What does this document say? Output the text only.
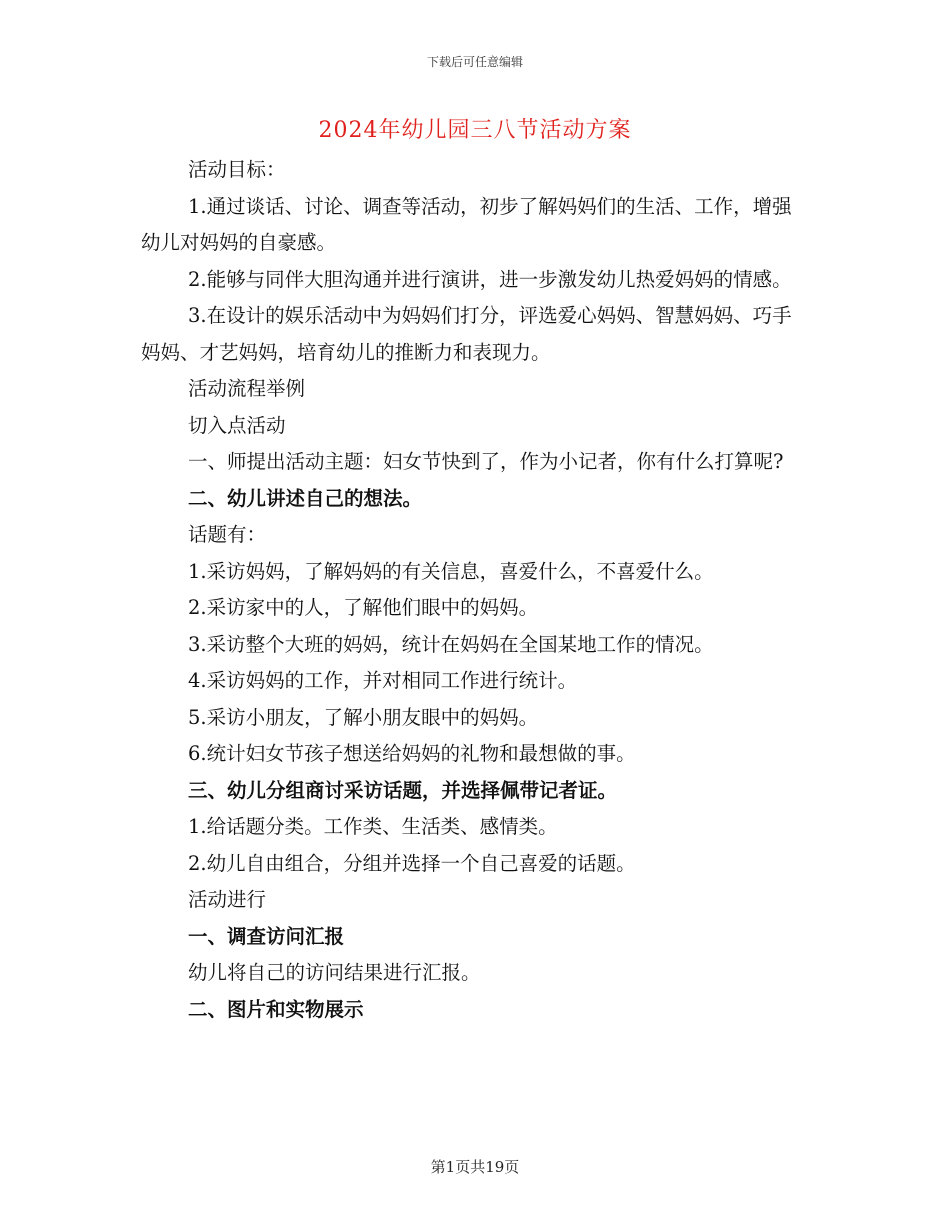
下载后可任意编辑
2024年幼儿园三八节活动方案

活动目标：

1.通过谈话、讨论、调查等活动，初步了解妈妈们的生活、工作，增强幼儿对妈妈的自豪感。

2.能够与同伴大胆沟通并进行演讲，进一步激发幼儿热爱妈妈的情感。

3.在设计的娱乐活动中为妈妈们打分，评选爱心妈妈、智慧妈妈、巧手妈妈、才艺妈妈，培育幼儿的推断力和表现力。

活动流程举例

切入点活动

一、师提出活动主题：妇女节快到了，作为小记者，你有什么打算呢?

二、幼儿讲述自己的想法。

话题有：

1.采访妈妈，了解妈妈的有关信息，喜爱什么，不喜爱什么。

2.采访家中的人，了解他们眼中的妈妈。

3.采访整个大班的妈妈，统计在妈妈在全国某地工作的情况。

4.采访妈妈的工作，并对相同工作进行统计。

5.采访小朋友，了解小朋友眼中的妈妈。

6.统计妇女节孩子想送给妈妈的礼物和最想做的事。

三、幼儿分组商讨采访话题，并选择佩带记者证。

1.给话题分类。工作类、生活类、感情类。

2.幼儿自由组合，分组并选择一个自己喜爱的话题。

活动进行

一、调查访问汇报

幼儿将自己的访问结果进行汇报。

二、图片和实物展示

第1页共19页
